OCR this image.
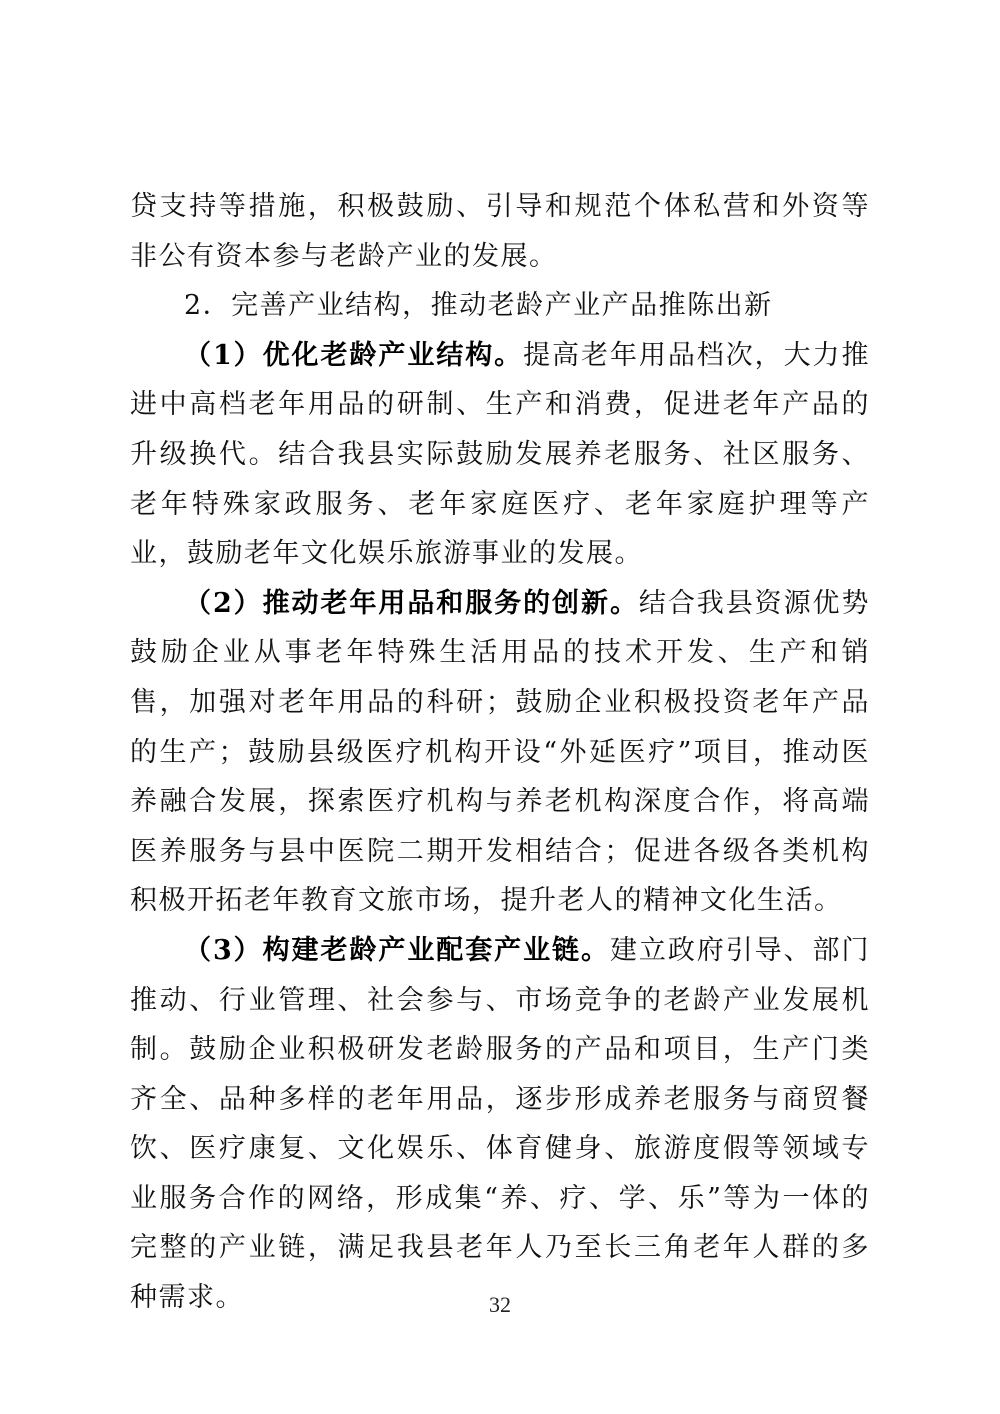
贷支持等措施，积极鼓励、引导和规范个体私营和外资等非公有资本参与老龄产业的发展。

2．完善产业结构，推动老龄产业产品推陈出新

（1）优化老龄产业结构。提高老年用品档次，大力推进中高档老年用品的研制、生产和消费，促进老年产品的升级换代。结合我县实际鼓励发展养老服务、社区服务、老年特殊家政服务、老年家庭医疗、老年家庭护理等产业，鼓励老年文化娱乐旅游事业的发展。

（2）推动老年用品和服务的创新。结合我县资源优势鼓励企业从事老年特殊生活用品的技术开发、生产和销售，加强对老年用品的科研；鼓励企业积极投资老年产品的生产；鼓励县级医疗机构开设“外延医疗”项目，推动医养融合发展，探索医疗机构与养老机构深度合作，将高端医养服务与县中医院二期开发相结合；促进各级各类机构积极开拓老年教育文旅市场，提升老人的精神文化生活。

（3）构建老龄产业配套产业链。建立政府引导、部门推动、行业管理、社会参与、市场竞争的老龄产业发展机制。鼓励企业积极研发老龄服务的产品和项目，生产门类齐全、品种多样的老年用品，逐步形成养老服务与商贸餐饮、医疗康复、文化娱乐、体育健身、旅游度假等领域专业服务合作的网络，形成集“养、疗、学、乐”等为一体的完整的产业链，满足我县老年人乃至长三角老年人群的多种需求。	32
